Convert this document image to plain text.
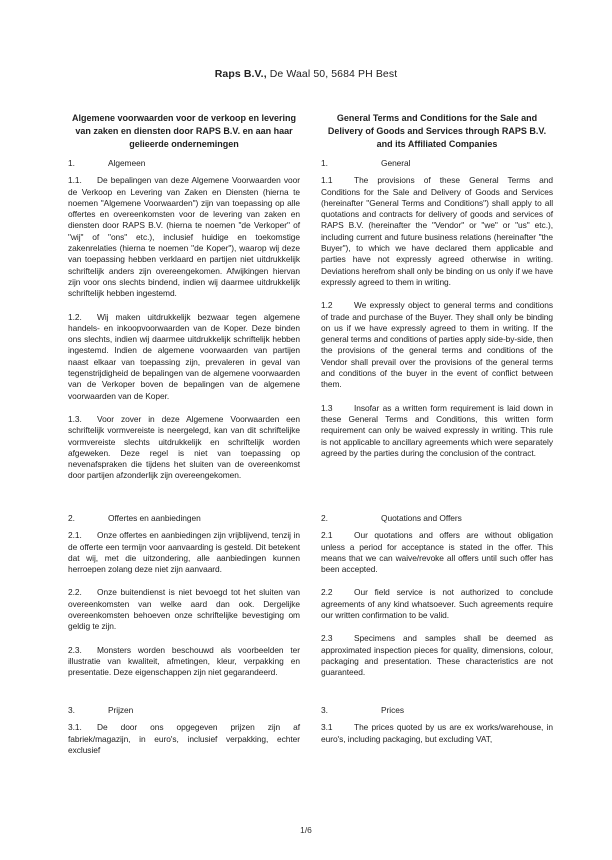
Raps B.V., De Waal 50, 5684 PH Best
Algemene voorwaarden voor de verkoop en levering van zaken en diensten door RAPS B.V. en aan haar gelieerde ondernemingen
1.	Algemeen
1.1. De bepalingen van deze Algemene Voorwaarden voor de Verkoop en Levering van Zaken en Diensten (hierna te noemen "Algemene Voorwaarden") zijn van toepassing op alle offertes en overeenkomsten voor de levering van zaken en diensten door RAPS B.V. (hierna te noemen "de Verkoper" of "wij" of "ons" etc.), inclusief huidige en toekomstige zakenrelaties (hierna te noemen "de Koper"), waarop wij deze van toepassing hebben verklaard en partijen niet uitdrukkelijk schriftelijk anders zijn overeengekomen. Afwijkingen hiervan zijn voor ons slechts bindend, indien wij daarmee uitdrukkelijk schriftelijk hebben ingestemd.
1.2. Wij maken uitdrukkelijk bezwaar tegen algemene handels- en inkoopvoorwaarden van de Koper. Deze binden ons slechts, indien wij daarmee uitdrukkelijk schriftelijk hebben ingestemd. Indien de algemene voorwaarden van partijen naast elkaar van toepassing zijn, prevaleren in geval van tegenstrijdigheid de bepalingen van de algemene voorwaarden van de Verkoper boven de bepalingen van de algemene voorwaarden van de Koper.
1.3. Voor zover in deze Algemene Voorwaarden een schriftelijk vormvereiste is neergelegd, kan van dit schriftelijke vormvereiste slechts uitdrukkelijk en schriftelijk worden afgeweken. Deze regel is niet van toepassing op nevenafspraken die tijdens het sluiten van de overeenkomst door partijen afzonderlijk zijn overeengekomen.
2.	Offertes en aanbiedingen
2.1. Onze offertes en aanbiedingen zijn vrijblijvend, tenzij in de offerte een termijn voor aanvaarding is gesteld. Dit betekent dat wij, met die uitzondering, alle aanbiedingen kunnen herroepen zolang deze niet zijn aanvaard.
2.2. Onze buitendienst is niet bevoegd tot het sluiten van overeenkomsten van welke aard dan ook. Dergelijke overeenkomsten behoeven onze schriftelijke bevestiging om geldig te zijn.
2.3. Monsters worden beschouwd als voorbeelden ter illustratie van kwaliteit, afmetingen, kleur, verpakking en presentatie. Deze eigenschappen zijn niet gegarandeerd.
3.	Prijzen
3.1. De door ons opgegeven prijzen zijn af fabriek/magazijn, in euro's, inclusief verpakking, echter exclusief
General Terms and Conditions for the Sale and Delivery of Goods and Services through RAPS B.V. and its Affiliated Companies
1.	General
1.1	The provisions of these General Terms and Conditions for the Sale and Delivery of Goods and Services (hereinafter "General Terms and Conditions") shall apply to all quotations and contracts for delivery of goods and services of RAPS B.V. (hereinafter the "Vendor" or "we" or "us" etc.), including current and future business relations (hereinafter "the Buyer"), to which we have declared them applicable and parties have not expressly agreed otherwise in writing. Deviations herefrom shall only be binding on us only if we have expressly agreed to them in writing.
1.2	We expressly object to general terms and conditions of trade and purchase of the Buyer. They shall only be binding on us if we have expressly agreed to them in writing. If the general terms and conditions of parties apply side-by-side, then the provisions of the general terms and conditions of the Vendor shall prevail over the provisions of the general terms and conditions of the buyer in the event of conflict between them.
1.3	Insofar as a written form requirement is laid down in these General Terms and Conditions, this written form requirement can only be waived expressly in writing. This rule is not applicable to ancillary agreements which were separately agreed by the parties during the conclusion of the contract.
2.	Quotations and Offers
2.1	Our quotations and offers are without obligation unless a period for acceptance is stated in the offer. This means that we can waive/revoke all offers until such offer has been accepted.
2.2	Our field service is not authorized to conclude agreements of any kind whatsoever. Such agreements require our written confirmation to be valid.
2.3	Specimens and samples shall be deemed as approximated inspection pieces for quality, dimensions, colour, packaging and presentation. These characteristics are not guaranteed.
3.	Prices
3.1	The prices quoted by us are ex works/warehouse, in euro's, including packaging, but excluding VAT,
1/6
